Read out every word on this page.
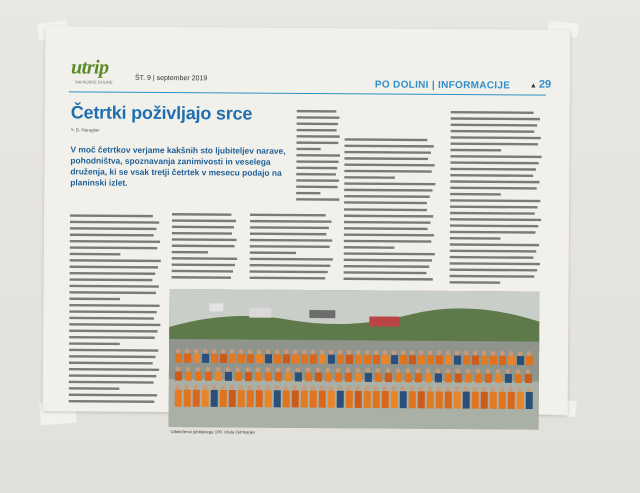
utrip
SAVINJSKE DOLINE	ŠT. 9 | september 2019
PO DOLINI | INFORMACIJE	▲ 29
Četrtki poživljajo srce
✎ D. Naraglav
V moč četrtkov verjame kakšnih sto ljubiteljev narave, pohodništva, spoznavanja zanimivosti in veselega druženja, ki se vsak tretji četrtek v mesecu podajo na planinski izlet.
Udeleženci jubilejnega 100. izleta četrtkarjev
